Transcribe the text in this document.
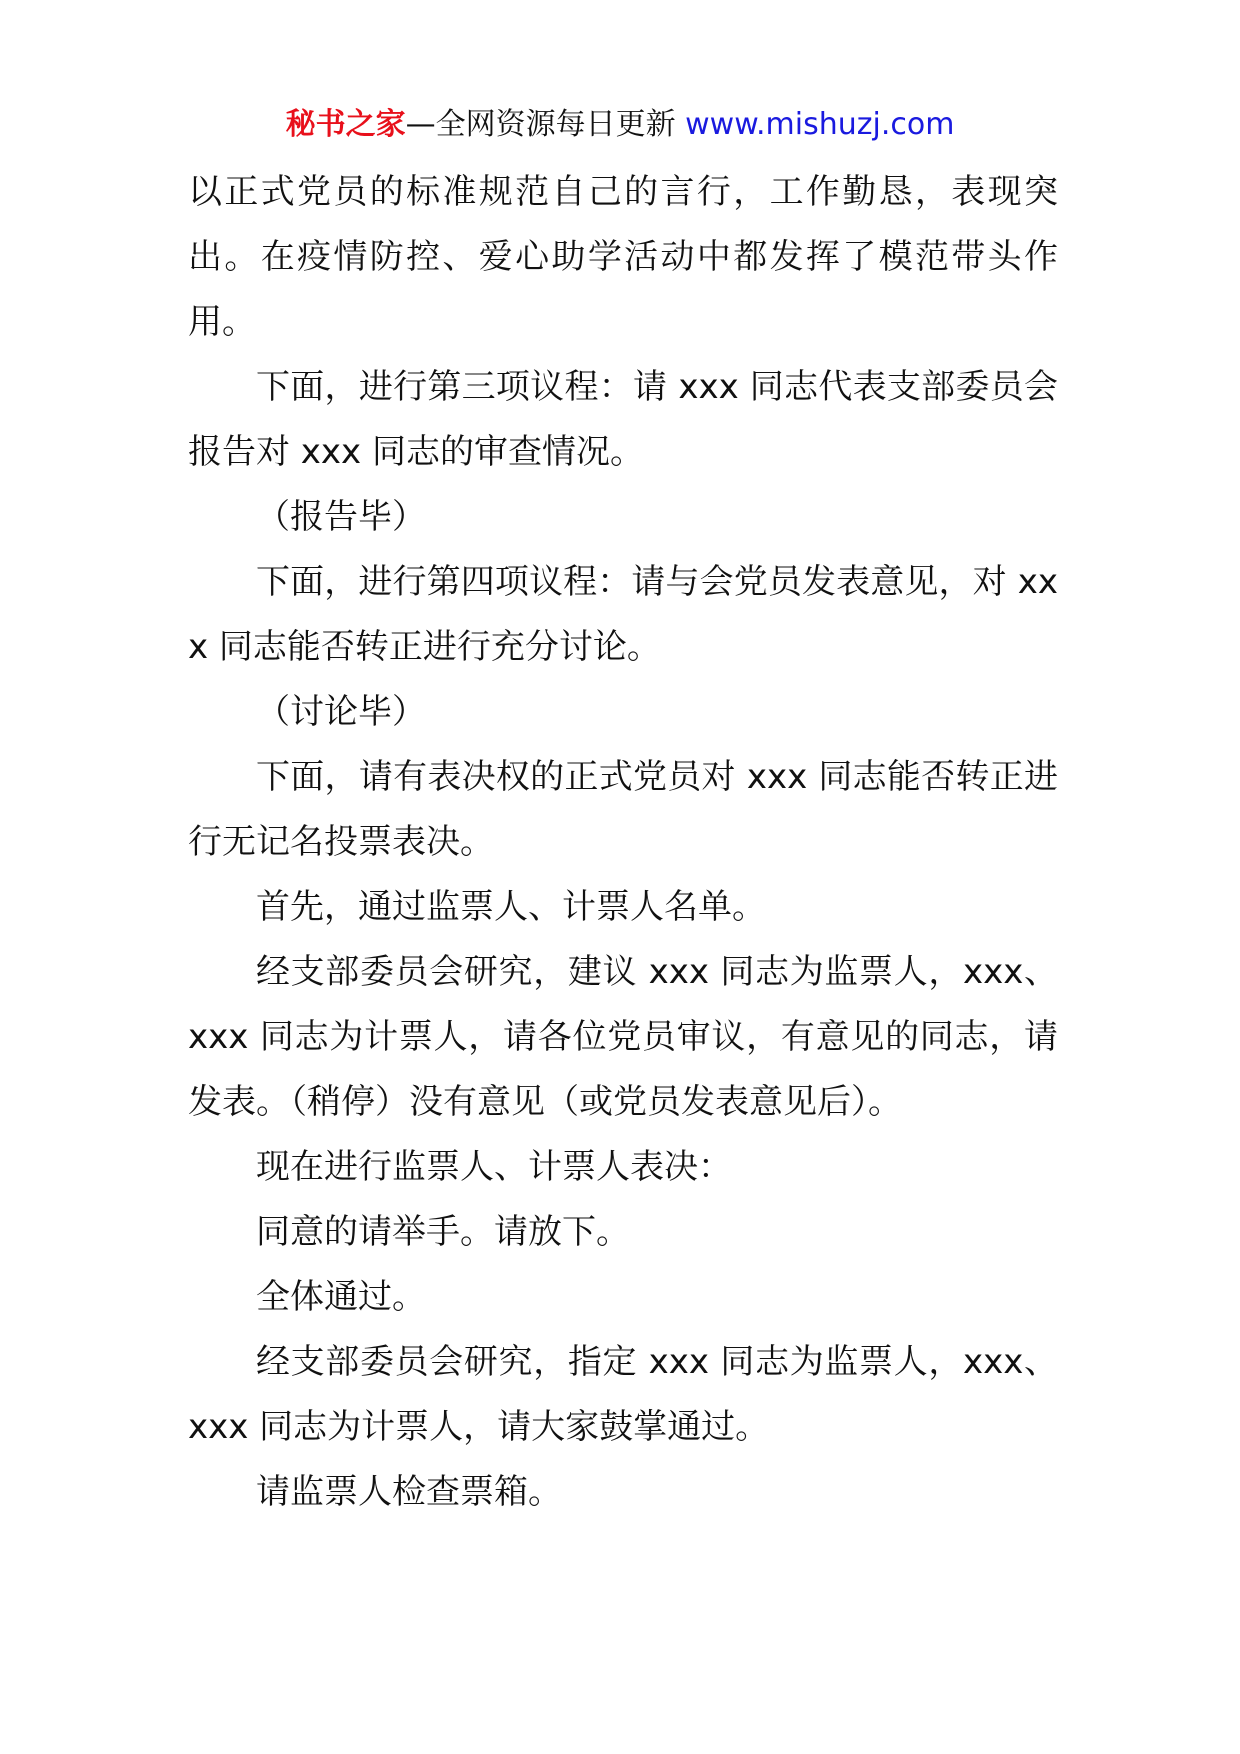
秘书之家—全网资源每日更新 www.mishuzj.com

以正式党员的标准规范自己的言行，工作勤恳，表现突出。在疫情防控、爱心助学活动中都发挥了模范带头作用。

下面，进行第三项议程：请 xxx 同志代表支部委员会报告对 xxx 同志的审查情况。

（报告毕）

下面，进行第四项议程：请与会党员发表意见，对 xxx 同志能否转正进行充分讨论。

（讨论毕）

下面，请有表决权的正式党员对 xxx 同志能否转正进行无记名投票表决。

首先，通过监票人、计票人名单。

经支部委员会研究，建议 xxx 同志为监票人，xxx、xxx 同志为计票人，请各位党员审议，有意见的同志，请发表。（稍停）没有意见（或党员发表意见后）。

现在进行监票人、计票人表决：

同意的请举手。请放下。

全体通过。

经支部委员会研究，指定 xxx 同志为监票人，xxx、xxx 同志为计票人，请大家鼓掌通过。

请监票人检查票箱。
